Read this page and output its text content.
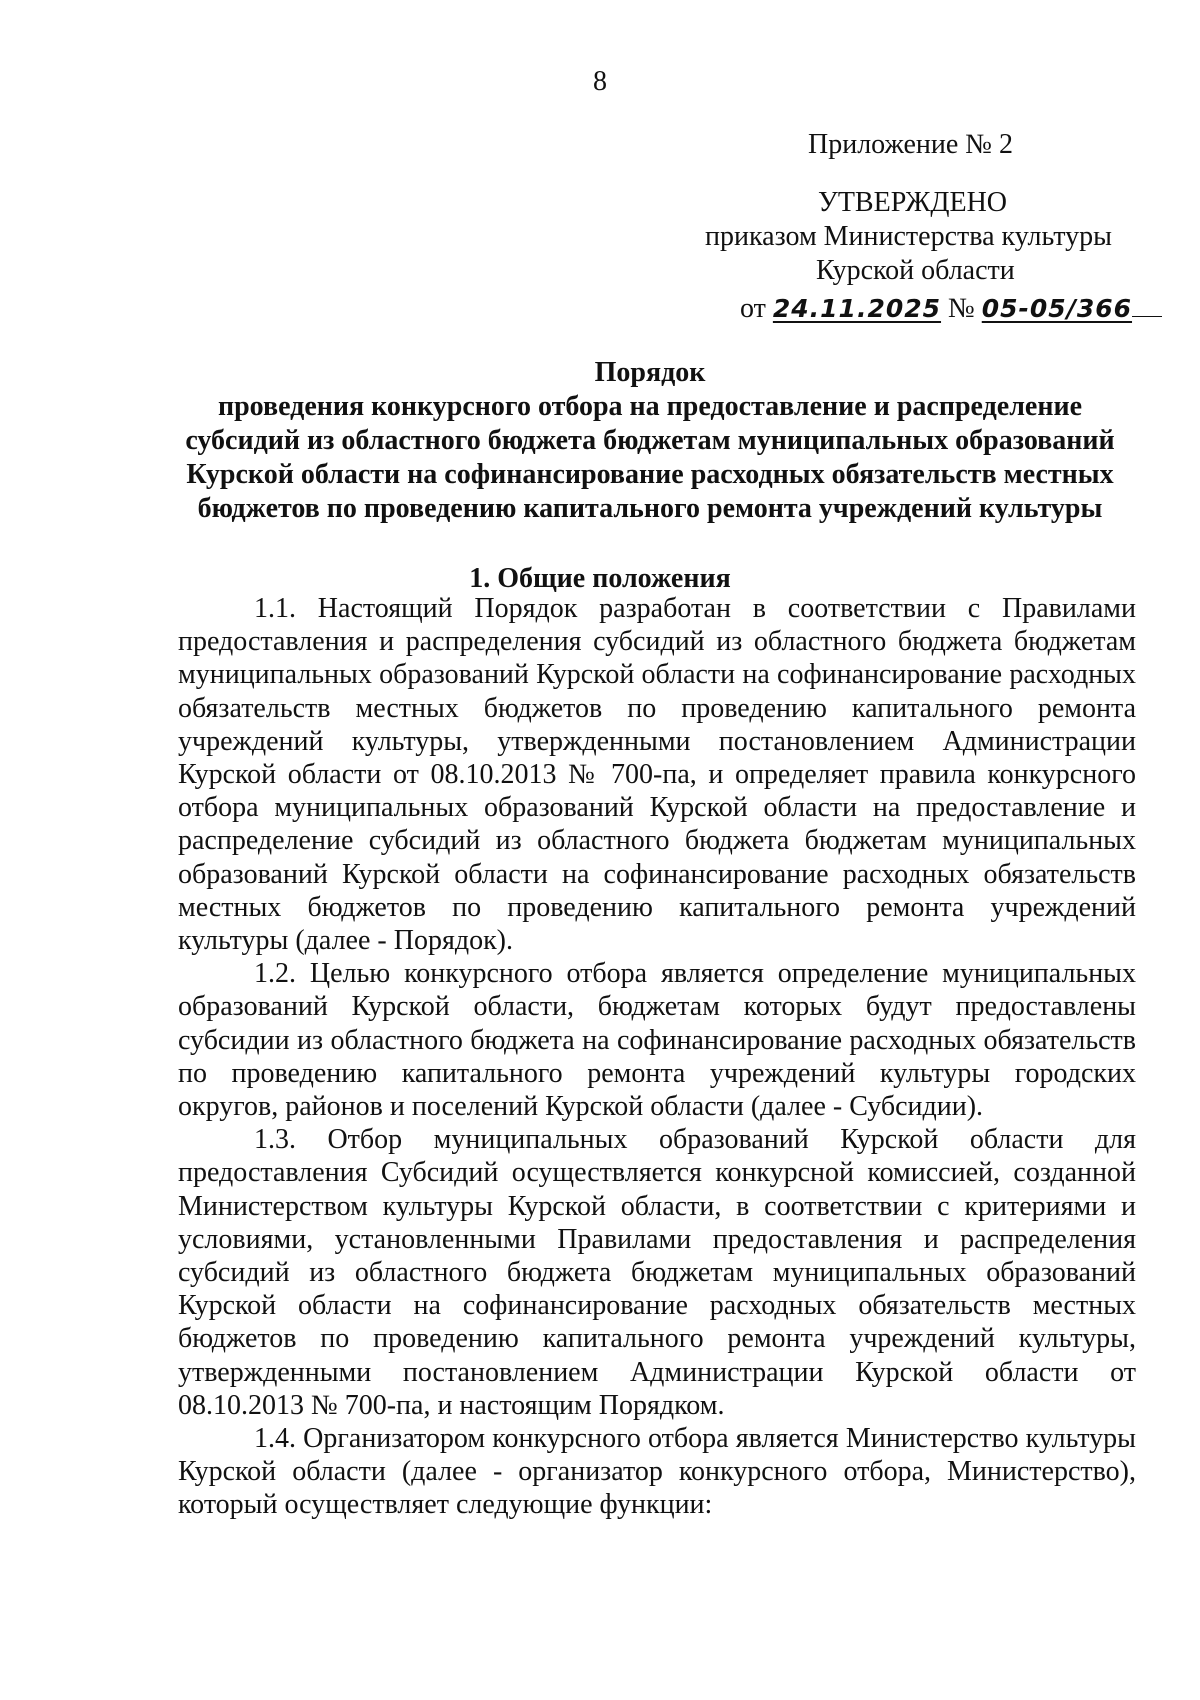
8
Приложение № 2
УТВЕРЖДЕНО
приказом Министерства культуры
Курской области
от 24.11.2025 № 05-05/366
Порядок
проведения конкурсного отбора на предоставление и распределение
субсидий из областного бюджета бюджетам муниципальных образований
Курской области на софинансирование расходных обязательств местных
бюджетов по проведению капитального ремонта учреждений культуры
1. Общие положения

1.1. Настоящий Порядок разработан в соответствии с Правилами предоставления и распределения субсидий из областного бюджета бюджетам муниципальных образований Курской области на софинансирование расходных обязательств местных бюджетов по проведению капитального ремонта учреждений культуры, утвержденными постановлением Администрации Курской области от 08.10.2013 № 700-па, и определяет правила конкурсного отбора муниципальных образований Курской области на предоставление и распределение субсидий из областного бюджета бюджетам муниципальных образований Курской области на софинансирование расходных обязательств местных бюджетов по проведению капитального ремонта учреждений культуры (далее - Порядок).

1.2. Целью конкурсного отбора является определение муниципальных образований Курской области, бюджетам которых будут предоставлены субсидии из областного бюджета на софинансирование расходных обязательств по проведению капитального ремонта учреждений культуры городских округов, районов и поселений Курской области (далее - Субсидии).

1.3. Отбор муниципальных образований Курской области для предоставления Субсидий осуществляется конкурсной комиссией, созданной Министерством культуры Курской области, в соответствии с критериями и условиями, установленными Правилами предоставления и распределения субсидий из областного бюджета бюджетам муниципальных образований Курской области на софинансирование расходных обязательств местных бюджетов по проведению капитального ремонта учреждений культуры, утвержденными постановлением Администрации Курской области от 08.10.2013 № 700-па, и настоящим Порядком.

1.4. Организатором конкурсного отбора является Министерство культуры Курской области (далее - организатор конкурсного отбора, Министерство), который осуществляет следующие функции:
